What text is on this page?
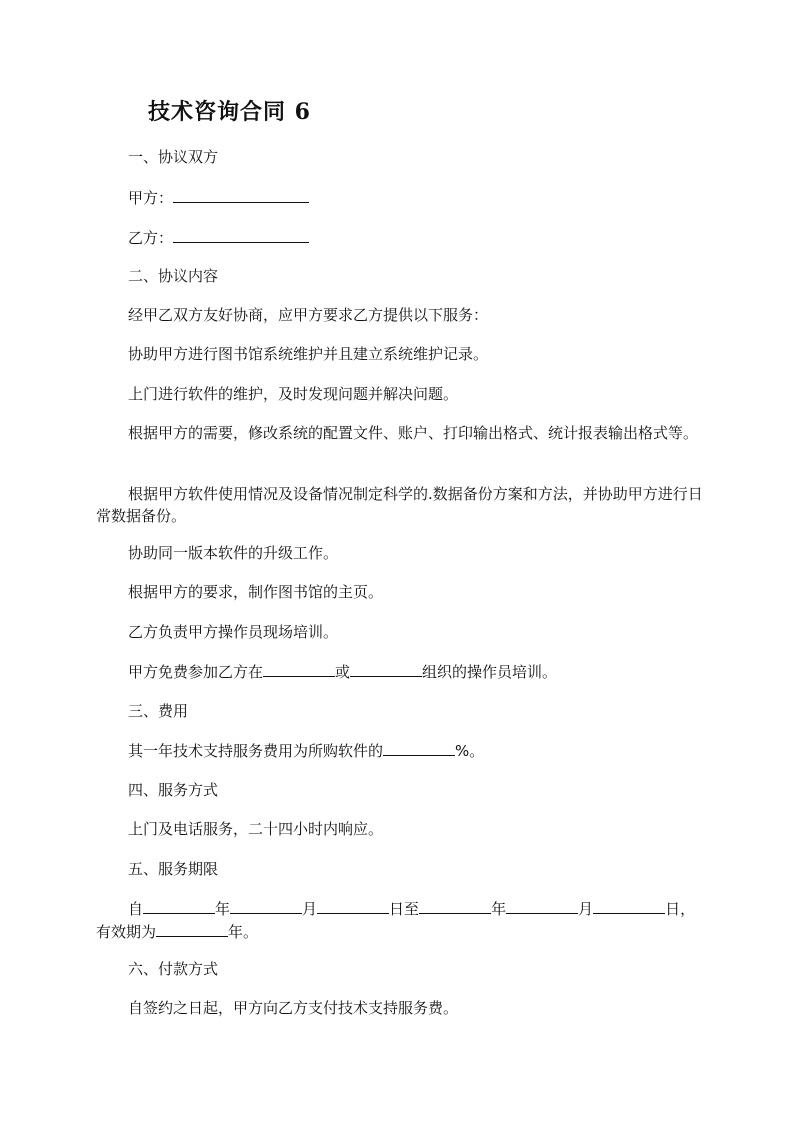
技术咨询合同 6

一、协议双方

甲方：

乙方：

二、协议内容

经甲乙双方友好协商，应甲方要求乙方提供以下服务：

协助甲方进行图书馆系统维护并且建立系统维护记录。

上门进行软件的维护，及时发现问题并解决问题。

根据甲方的需要，修改系统的配置文件、账户、打印输出格式、统计报表输出格式等。

根据甲方软件使用情况及设备情况制定科学的.数据备份方案和方法，并协助甲方进行日常数据备份。

协助同一版本软件的升级工作。

根据甲方的要求，制作图书馆的主页。

乙方负责甲方操作员现场培训。

甲方免费参加乙方在	或	组织的操作员培训。

三、费用

其一年技术支持服务费用为所购软件的	%。

四、服务方式

上门及电话服务，二十四小时内响应。

五、服务期限

自	年	月	日至	年	月	日，有效期为	年。

六、付款方式

自签约之日起，甲方向乙方支付技术支持服务费。
